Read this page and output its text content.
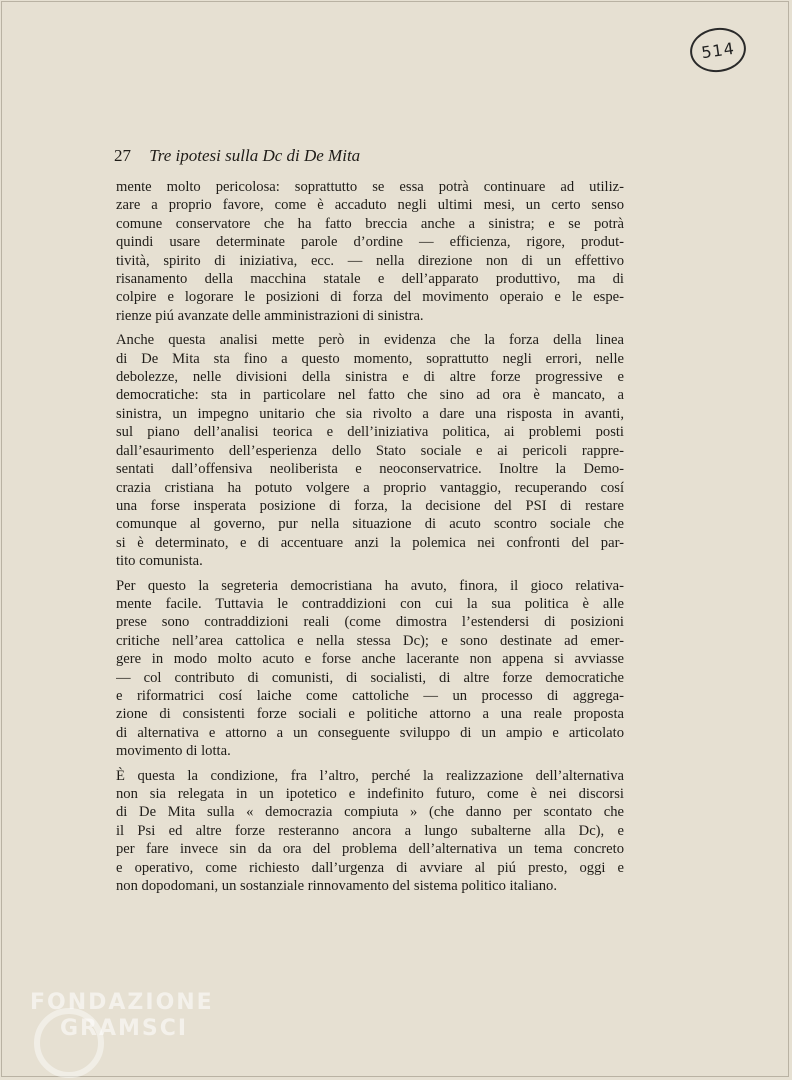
514
27 Tre ipotesi sulla Dc di De Mita
mente molto pericolosa: soprattutto se essa potrà continuare ad utiliz-
zare a proprio favore, come è accaduto negli ultimi mesi, un certo senso
comune conservatore che ha fatto breccia anche a sinistra; e se potrà
quindi usare determinate parole d’ordine — efficienza, rigore, produt-
tività, spirito di iniziativa, ecc. — nella direzione non di un effettivo
risanamento della macchina statale e dell’apparato produttivo, ma di
colpire e logorare le posizioni di forza del movimento operaio e le espe-
rienze piú avanzate delle amministrazioni di sinistra.
Anche questa analisi mette però in evidenza che la forza della linea
di De Mita sta fino a questo momento, soprattutto negli errori, nelle
debolezze, nelle divisioni della sinistra e di altre forze progressive e
democratiche: sta in particolare nel fatto che sino ad ora è mancato, a
sinistra, un impegno unitario che sia rivolto a dare una risposta in avanti,
sul piano dell’analisi teorica e dell’iniziativa politica, ai problemi posti
dall’esaurimento dell’esperienza dello Stato sociale e ai pericoli rappre-
sentati dall’offensiva neoliberista e neoconservatrice. Inoltre la Demo-
crazia cristiana ha potuto volgere a proprio vantaggio, recuperando cosí
una forse insperata posizione di forza, la decisione del PSI di restare
comunque al governo, pur nella situazione di acuto scontro sociale che
si è determinato, e di accentuare anzi la polemica nei confronti del par-
tito comunista.
Per questo la segreteria democristiana ha avuto, finora, il gioco relativa-
mente facile. Tuttavia le contraddizioni con cui la sua politica è alle
prese sono contraddizioni reali (come dimostra l’estendersi di posizioni
critiche nell’area cattolica e nella stessa Dc); e sono destinate ad emer-
gere in modo molto acuto e forse anche lacerante non appena si avviasse
— col contributo di comunisti, di socialisti, di altre forze democratiche
e riformatrici cosí laiche come cattoliche — un processo di aggrega-
zione di consistenti forze sociali e politiche attorno a una reale proposta
di alternativa e attorno a un conseguente sviluppo di un ampio e articolato
movimento di lotta.
È questa la condizione, fra l’altro, perché la realizzazione dell’alternativa
non sia relegata in un ipotetico e indefinito futuro, come è nei discorsi
di De Mita sulla « democrazia compiuta » (che danno per scontato che
il Psi ed altre forze resteranno ancora a lungo subalterne alla Dc), e
per fare invece sin da ora del problema dell’alternativa un tema concreto
e operativo, come richiesto dall’urgenza di avviare al piú presto, oggi e
non dopodomani, un sostanziale rinnovamento del sistema politico italiano.
FONDAZIONE
GRAMSCI
